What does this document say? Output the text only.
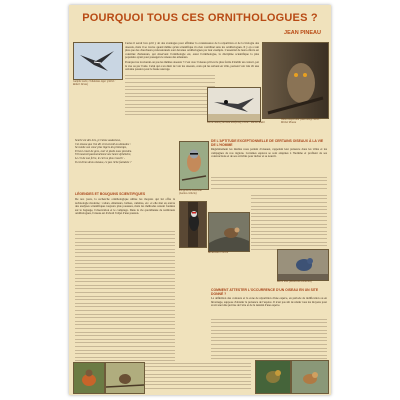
POURQUOI TOUS CES ORNITHOLOGUES ?
JEAN PINEAU
Guifette noire, Chlidonias niger (cliché : Robert Devos)

Certes il serait bon qu'il y ait des avantages pour affirmer la connaissance de la répartition et de la biologie des oiseaux, mais il se trouve quand même qu'un scientifique n'a rien contribué sans les ornithologues. Il y en a tant plus que des chercheurs professionnels sont devenus ornithologues par leur exemple. L'essentiel de leurs efforts est constitué d'amateurs, qui observent l'ornithologie est, aussi l'ornithologue, la discipline scientifique la plus populaire ayant pour passagers le réseau des amateurs.

Pourquoi ne trouverait-on pas les mêmes oiseaux ? C'est avec l'oiseau qu'il est le plus facile d'établir un contact, par la vue ou par l'ouïe. Celui qui a un désir de voir les oiseaux, ceux qui les suivent en ville, peuvent voir très tôt une certaine passion pour le faune sauvage.

Hibou moyen-duc (Asio otus), cliché : Michel Pineau
Sterne naine (Sternula albifrons), cliché : Michel Rudel
Scarlé est dès lors, je l'aime audacieux,
Cet oiseau que l'on dit s'est envolé au domaine :
Se tombe son cœur plus légers du printemps,
Et leur envol de gros, noir et pieds nous prendra.
S'il mourait passionnément une heure éphémère,
Le cri de son frère, le ciel ne plus s'ouvrir -
Il est d'eux deux oiseaux, ce pas riche fantaisie ?
Pie-grièche écorcheur (Lanius collurio)
DE L'APTITUDE EXCEPTIONNELLE DE CERTAINS OISEAUX À LA VIE DE L'HOMME
Régulièrement les médias nous parlent d'oiseaux, rappelant leur présence dans les villes et les campagnes de nos régions. Certaines espèces se sont adaptées à l'homme et profitent de ses constructions et de ses activités pour nicher et se nourrir.
LÉGENDES ET BOUQUINS SCIENTIFIQUES
De nos jours, la recherche ornithologique utilise les moyens qui lui offre la technologie moderne : radars, émetteurs, balises, caméras, etc. et elle met en œuvre des analyses scientifiques toujours plus poussées, mais les méthodes restent fondées sur le baguage, l'observation et le comptage. Dans la vie quotidienne de nombreux ornithologues, l'oiseau est d'abord l'objet d'une passion.
Bécasseau et torcol
Merle bleu (Monticola solitarius)
COMMENT ATTESTER L'OCCURRENCE D'UN OISEAU EN UN SITE DONNÉ ?
La définition des contours et la zone de répartition d'une espèce, en période de nidification ou en hivernage, suppose d'obtenir la présence de l'espèce. Il n'est pas sûr de réunir tous les moyens pour avoir une idée précise de l'aire et de la densité d'une espèce.
